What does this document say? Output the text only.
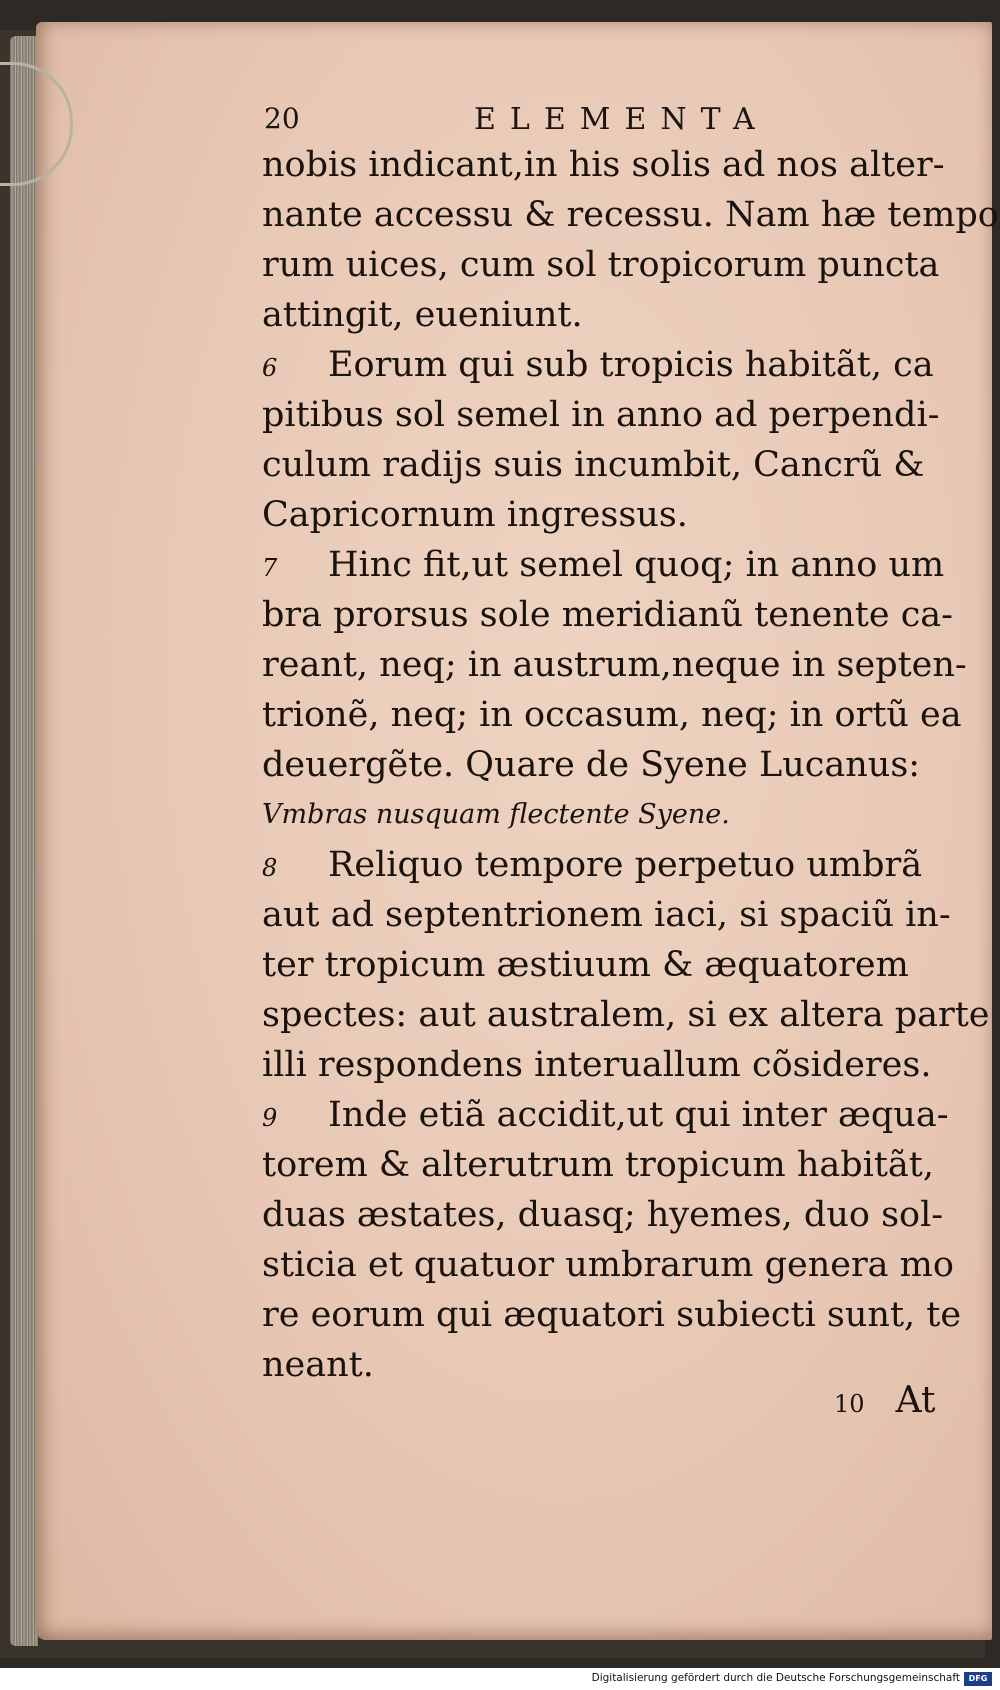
20	ELEMENTA
nobis indicant,in his solis ad nos alter-
nante accessu & recessu. Nam hæ tempo
rum uices, cum sol tropicorum puncta
attingit, eueniunt.
6 Eorum qui sub tropicis habitãt, ca
pitibus sol semel in anno ad perpendi-
culum radijs suis incumbit, Cancrũ &
Capricornum ingressus.
7 Hinc fit,ut semel quoq; in anno um
bra prorsus sole meridianũ tenente ca-
reant, neq; in austrum,neque in septen-
trionẽ, neq; in occasum, neq; in ortũ ea
deuergẽte. Quare de Syene Lucanus:
Vmbras nusquam flectente Syene.
8 Reliquo tempore perpetuo umbrã
aut ad septentrionem iaci, si spaciũ in-
ter tropicum æstiuum & æquatorem
spectes: aut australem, si ex altera parte
illi respondens interuallum cõsideres.
9 Inde etiã accidit,ut qui inter æqua-
torem & alterutrum tropicum habitãt,
duas æstates, duasq; hyemes, duo sol-
sticia et quatuor umbrarum genera mo
re eorum qui æquatori subiecti sunt, te
neant.
10 At
Digitalisierung gefördert durch die Deutsche Forschungsgemeinschaft	DFG
